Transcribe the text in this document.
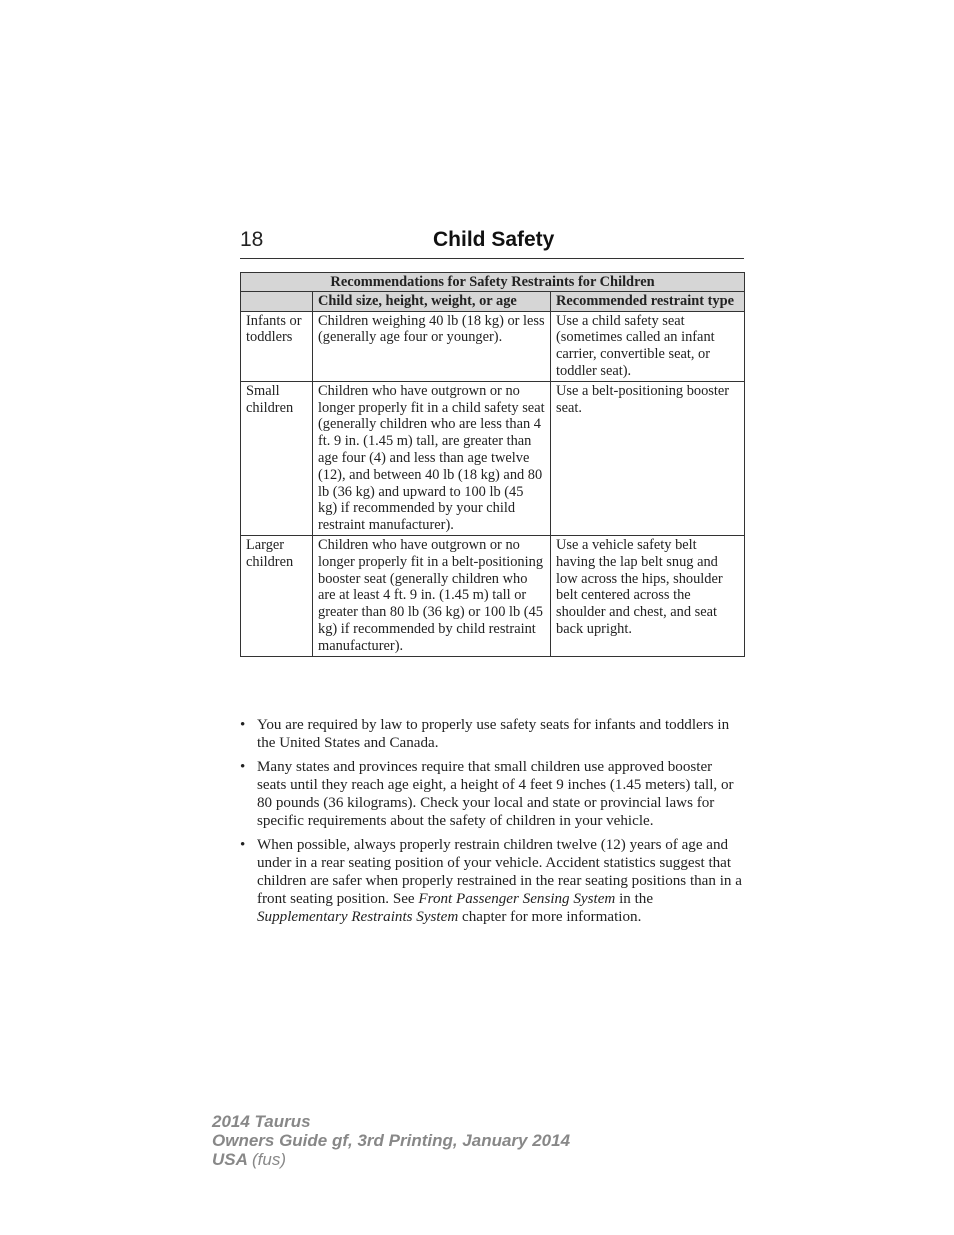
18	Child Safety
Recommendations for Safety Restraints for Children		
	Child size, height, weight, or age	Recommended restraint type
Infants or toddlers	Children weighing 40 lb (18 kg) or less (generally age four or younger).	Use a child safety seat (sometimes called an infant carrier, convertible seat, or toddler seat).
Small children	Children who have outgrown or no longer properly fit in a child safety seat (generally children who are less than 4 ft. 9 in. (1.45 m) tall, are greater than age four (4) and less than age twelve (12), and between 40 lb (18 kg) and 80 lb (36 kg) and upward to 100 lb (45 kg) if recommended by your child restraint manufacturer).	Use a belt-positioning booster seat.
Larger children	Children who have outgrown or no longer properly fit in a belt-positioning booster seat (generally children who are at least 4 ft. 9 in. (1.45 m) tall or greater than 80 lb (36 kg) or 100 lb (45 kg) if recommended by child restraint manufacturer).	Use a vehicle safety belt having the lap belt snug and low across the hips, shoulder belt centered across the shoulder and chest, and seat back upright.
• You are required by law to properly use safety seats for infants and toddlers in the United States and Canada.
• Many states and provinces require that small children use approved booster seats until they reach age eight, a height of 4 feet 9 inches (1.45 meters) tall, or 80 pounds (36 kilograms). Check your local and state or provincial laws for specific requirements about the safety of children in your vehicle.
• When possible, always properly restrain children twelve (12) years of age and under in a rear seating position of your vehicle. Accident statistics suggest that children are safer when properly restrained in the rear seating positions than in a front seating position. See Front Passenger Sensing System in the Supplementary Restraints System chapter for more information.
2014 Taurus
Owners Guide gf, 3rd Printing, January 2014
USA (fus)
